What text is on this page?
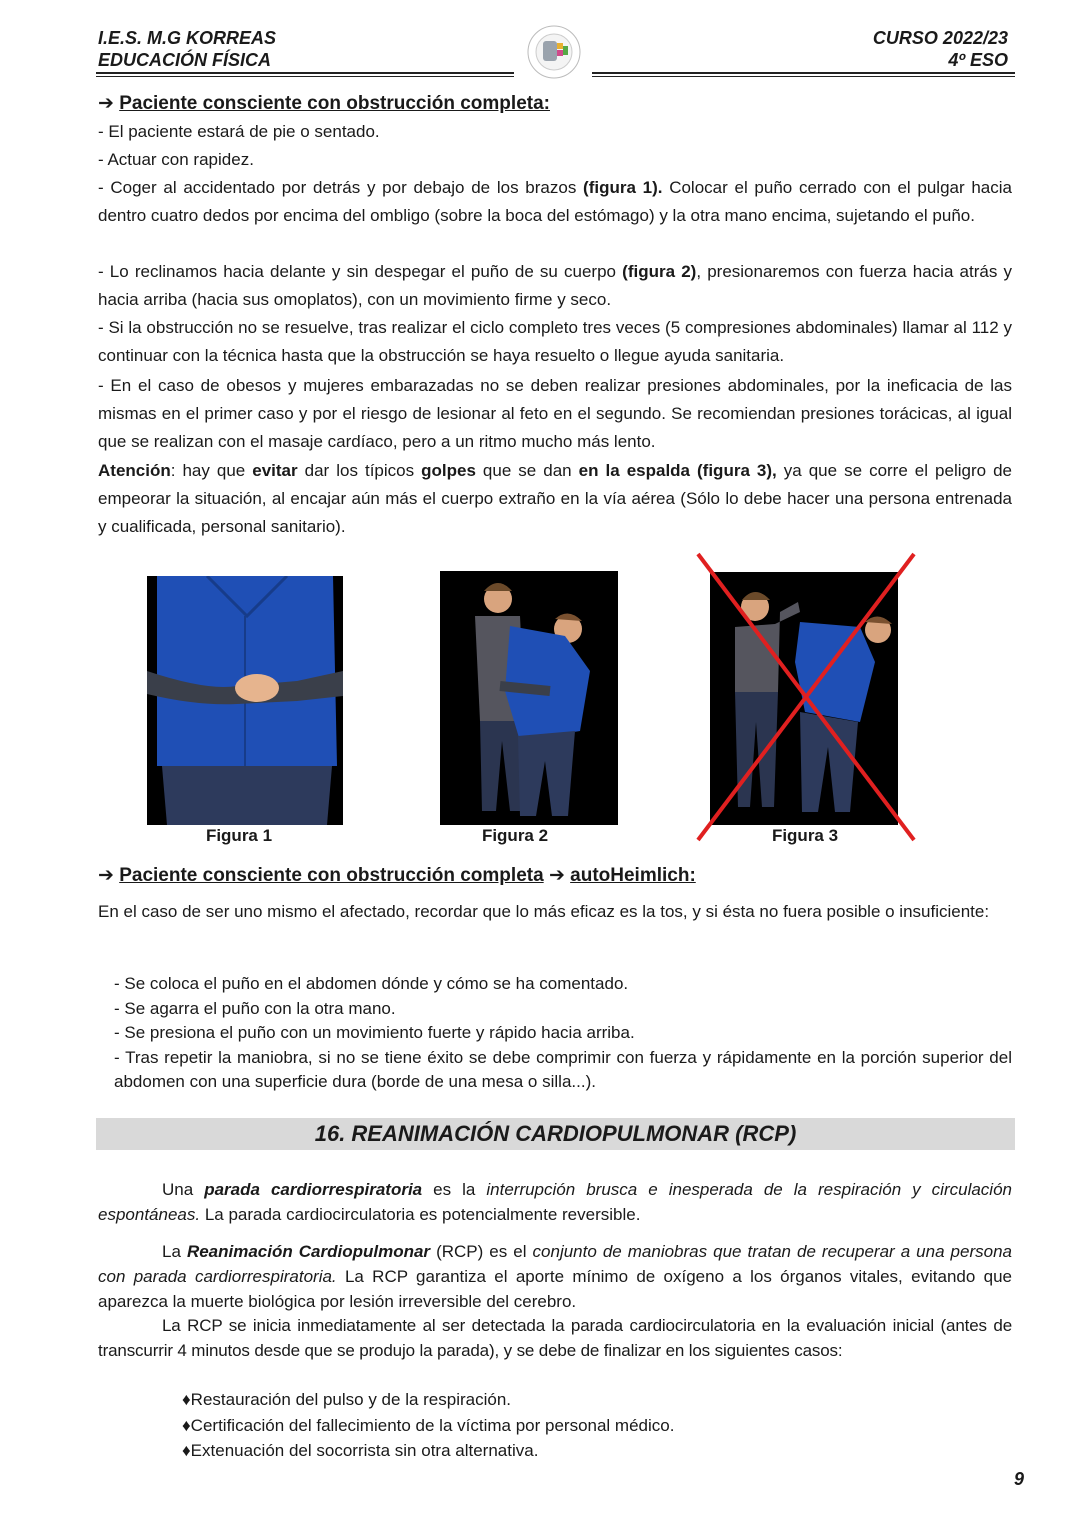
I.E.S. M.G KORREAS
EDUCACIÓN FÍSICA
CURSO 2022/23
4º ESO
➔ Paciente consciente con obstrucción completa:
- El paciente estará de pie o sentado.
- Actuar con rapidez.
- Coger al accidentado por detrás y por debajo de los brazos (figura 1). Colocar el puño cerrado con el pulgar hacia dentro cuatro dedos por encima del ombligo (sobre la boca del estómago) y la otra mano encima, sujetando el puño.
- Lo reclinamos hacia delante y sin despegar el puño de su cuerpo (figura 2), presionaremos con fuerza hacia atrás y hacia arriba (hacia sus omoplatos), con un movimiento firme y seco.
- Si la obstrucción no se resuelve, tras realizar el ciclo completo tres veces (5 compresiones abdominales) llamar al 112 y continuar con la técnica hasta que la obstrucción se haya resuelto o llegue ayuda sanitaria.
- En el caso de obesos y mujeres embarazadas no se deben realizar presiones abdominales, por la ineficacia de las mismas en el primer caso y por el riesgo de lesionar al feto en el segundo. Se recomiendan presiones torácicas, al igual que se realizan con el masaje cardíaco, pero a un ritmo mucho más lento.
Atención: hay que evitar dar los típicos golpes que se dan en la espalda (figura 3), ya que se corre el peligro de empeorar la situación, al encajar aún más el cuerpo extraño en la vía aérea (Sólo lo debe hacer una persona entrenada y cualificada, personal sanitario).
Figura 1	Figura 2	Figura 3
➔ Paciente consciente con obstrucción completa ➔ autoHeimlich:
En el caso de ser uno mismo el afectado, recordar que lo más eficaz es la tos, y si ésta no fuera posible o insuficiente:
- Se coloca el puño en el abdomen dónde y cómo se ha comentado.
- Se agarra el puño con la otra mano.
- Se presiona el puño con un movimiento fuerte y rápido hacia arriba.
- Tras repetir la maniobra, si no se tiene éxito se debe comprimir con fuerza y rápidamente en la porción superior del abdomen con una superficie dura (borde de una mesa o silla...).
16. REANIMACIÓN CARDIOPULMONAR (RCP)
Una parada cardiorrespiratoria es la interrupción brusca e inesperada de la respiración y circulación espontáneas. La parada cardiocirculatoria es potencialmente reversible.
La Reanimación Cardiopulmonar (RCP) es el conjunto de maniobras que tratan de recuperar a una persona con parada cardiorrespiratoria. La RCP garantiza el aporte mínimo de oxígeno a los órganos vitales, evitando que aparezca la muerte biológica por lesión irreversible del cerebro.
La RCP se inicia inmediatamente al ser detectada la parada cardiocirculatoria en la evaluación inicial (antes de transcurrir 4 minutos desde que se produjo la parada), y se debe de finalizar en los siguientes casos:
♦Restauración del pulso y de la respiración.
♦Certificación del fallecimiento de la víctima por personal médico.
♦Extenuación del socorrista sin otra alternativa.
9
